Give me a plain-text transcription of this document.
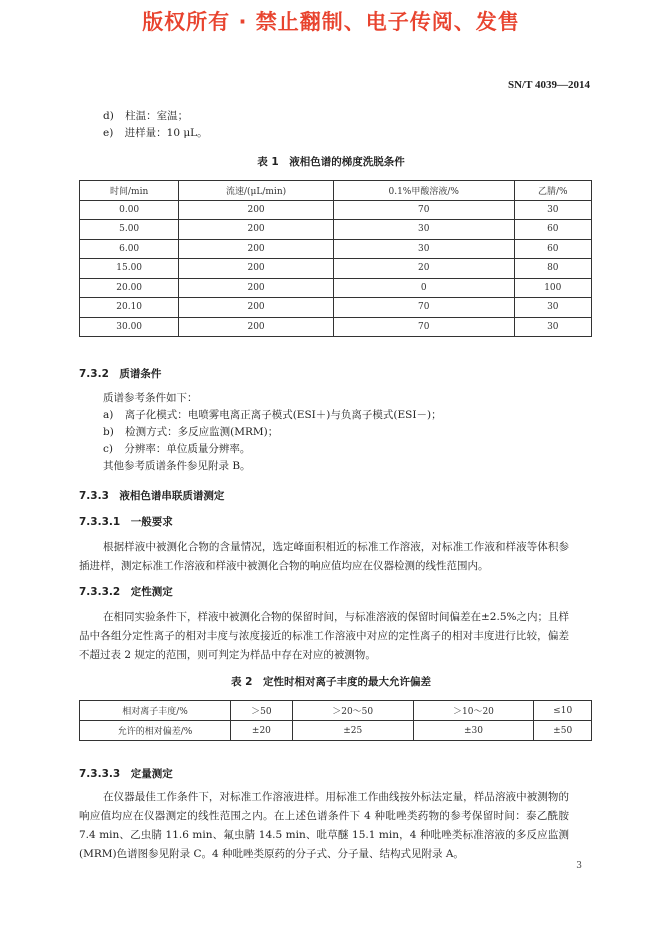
版权所有 · 禁止翻制、电子传阅、发售
SN/T 4039—2014
d) 柱温：室温；
e) 进样量：10 μL。
表 1　液相色谱的梯度洗脱条件
时间/min	流速/(μL/min)	0.1%甲酸溶液/%	乙腈/%
0.00	200	70	30
5.00	200	30	60
6.00	200	30	60
15.00	200	20	80
20.00	200	0	100
20.10	200	70	30
30.00	200	70	30
7.3.2　质谱条件
质谱参考条件如下：
a) 离子化模式：电喷雾电离正离子模式(ESI＋)与负离子模式(ESI－)；
b) 检测方式：多反应监测(MRM)；
c) 分辨率：单位质量分辨率。
其他参考质谱条件参见附录 B。
7.3.3　液相色谱串联质谱测定
7.3.3.1　一般要求
根据样液中被测化合物的含量情况，选定峰面积相近的标准工作溶液，对标准工作液和样液等体积参插进样，测定标准工作溶液和样液中被测化合物的响应值均应在仪器检测的线性范围内。
7.3.3.2　定性测定
在相同实验条件下，样液中被测化合物的保留时间，与标准溶液的保留时间偏差在±2.5%之内；且样品中各组分定性离子的相对丰度与浓度接近的标准工作溶液中对应的定性离子的相对丰度进行比较，偏差不超过表 2 规定的范围，则可判定为样品中存在对应的被测物。
表 2　定性时相对离子丰度的最大允许偏差
相对离子丰度/%	＞50	＞20～50	＞10～20	≤10
允许的相对偏差/%	±20	±25	±30	±50
7.3.3.3　定量测定
在仪器最佳工作条件下，对标准工作溶液进样。用标准工作曲线按外标法定量，样品溶液中被测物的响应值均应在仪器测定的线性范围之内。在上述色谱条件下 4 种吡唑类药物的参考保留时间：泰乙酰胺 7.4 min、乙虫腈 11.6 min、氟虫腈 14.5 min、吡草醚 15.1 min，4 种吡唑类标准溶液的多反应监测(MRM)色谱图参见附录 C。4 种吡唑类原药的分子式、分子量、结构式见附录 A。
3
